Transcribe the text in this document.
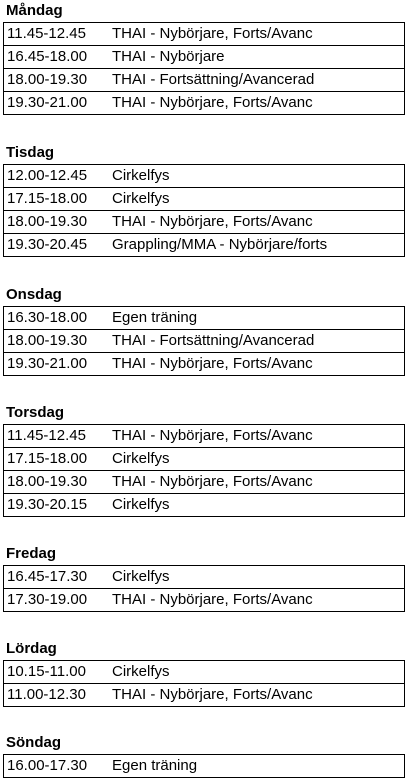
Måndag
11.45-12.45	THAI - Nybörjare, Forts/Avanc
16.45-18.00	THAI - Nybörjare
18.00-19.30	THAI - Fortsättning/Avancerad
19.30-21.00	THAI - Nybörjare, Forts/Avanc
Tisdag
12.00-12.45	Cirkelfys
17.15-18.00	Cirkelfys
18.00-19.30	THAI - Nybörjare, Forts/Avanc
19.30-20.45	Grappling/MMA - Nybörjare/forts
Onsdag
16.30-18.00	Egen träning
18.00-19.30	THAI - Fortsättning/Avancerad
19.30-21.00	THAI - Nybörjare, Forts/Avanc
Torsdag
11.45-12.45	THAI - Nybörjare, Forts/Avanc
17.15-18.00	Cirkelfys
18.00-19.30	THAI - Nybörjare, Forts/Avanc
19.30-20.15	Cirkelfys
Fredag
16.45-17.30	Cirkelfys
17.30-19.00	THAI - Nybörjare, Forts/Avanc
Lördag
10.15-11.00	Cirkelfys
11.00-12.30	THAI - Nybörjare, Forts/Avanc
Söndag
16.00-17.30	Egen träning
